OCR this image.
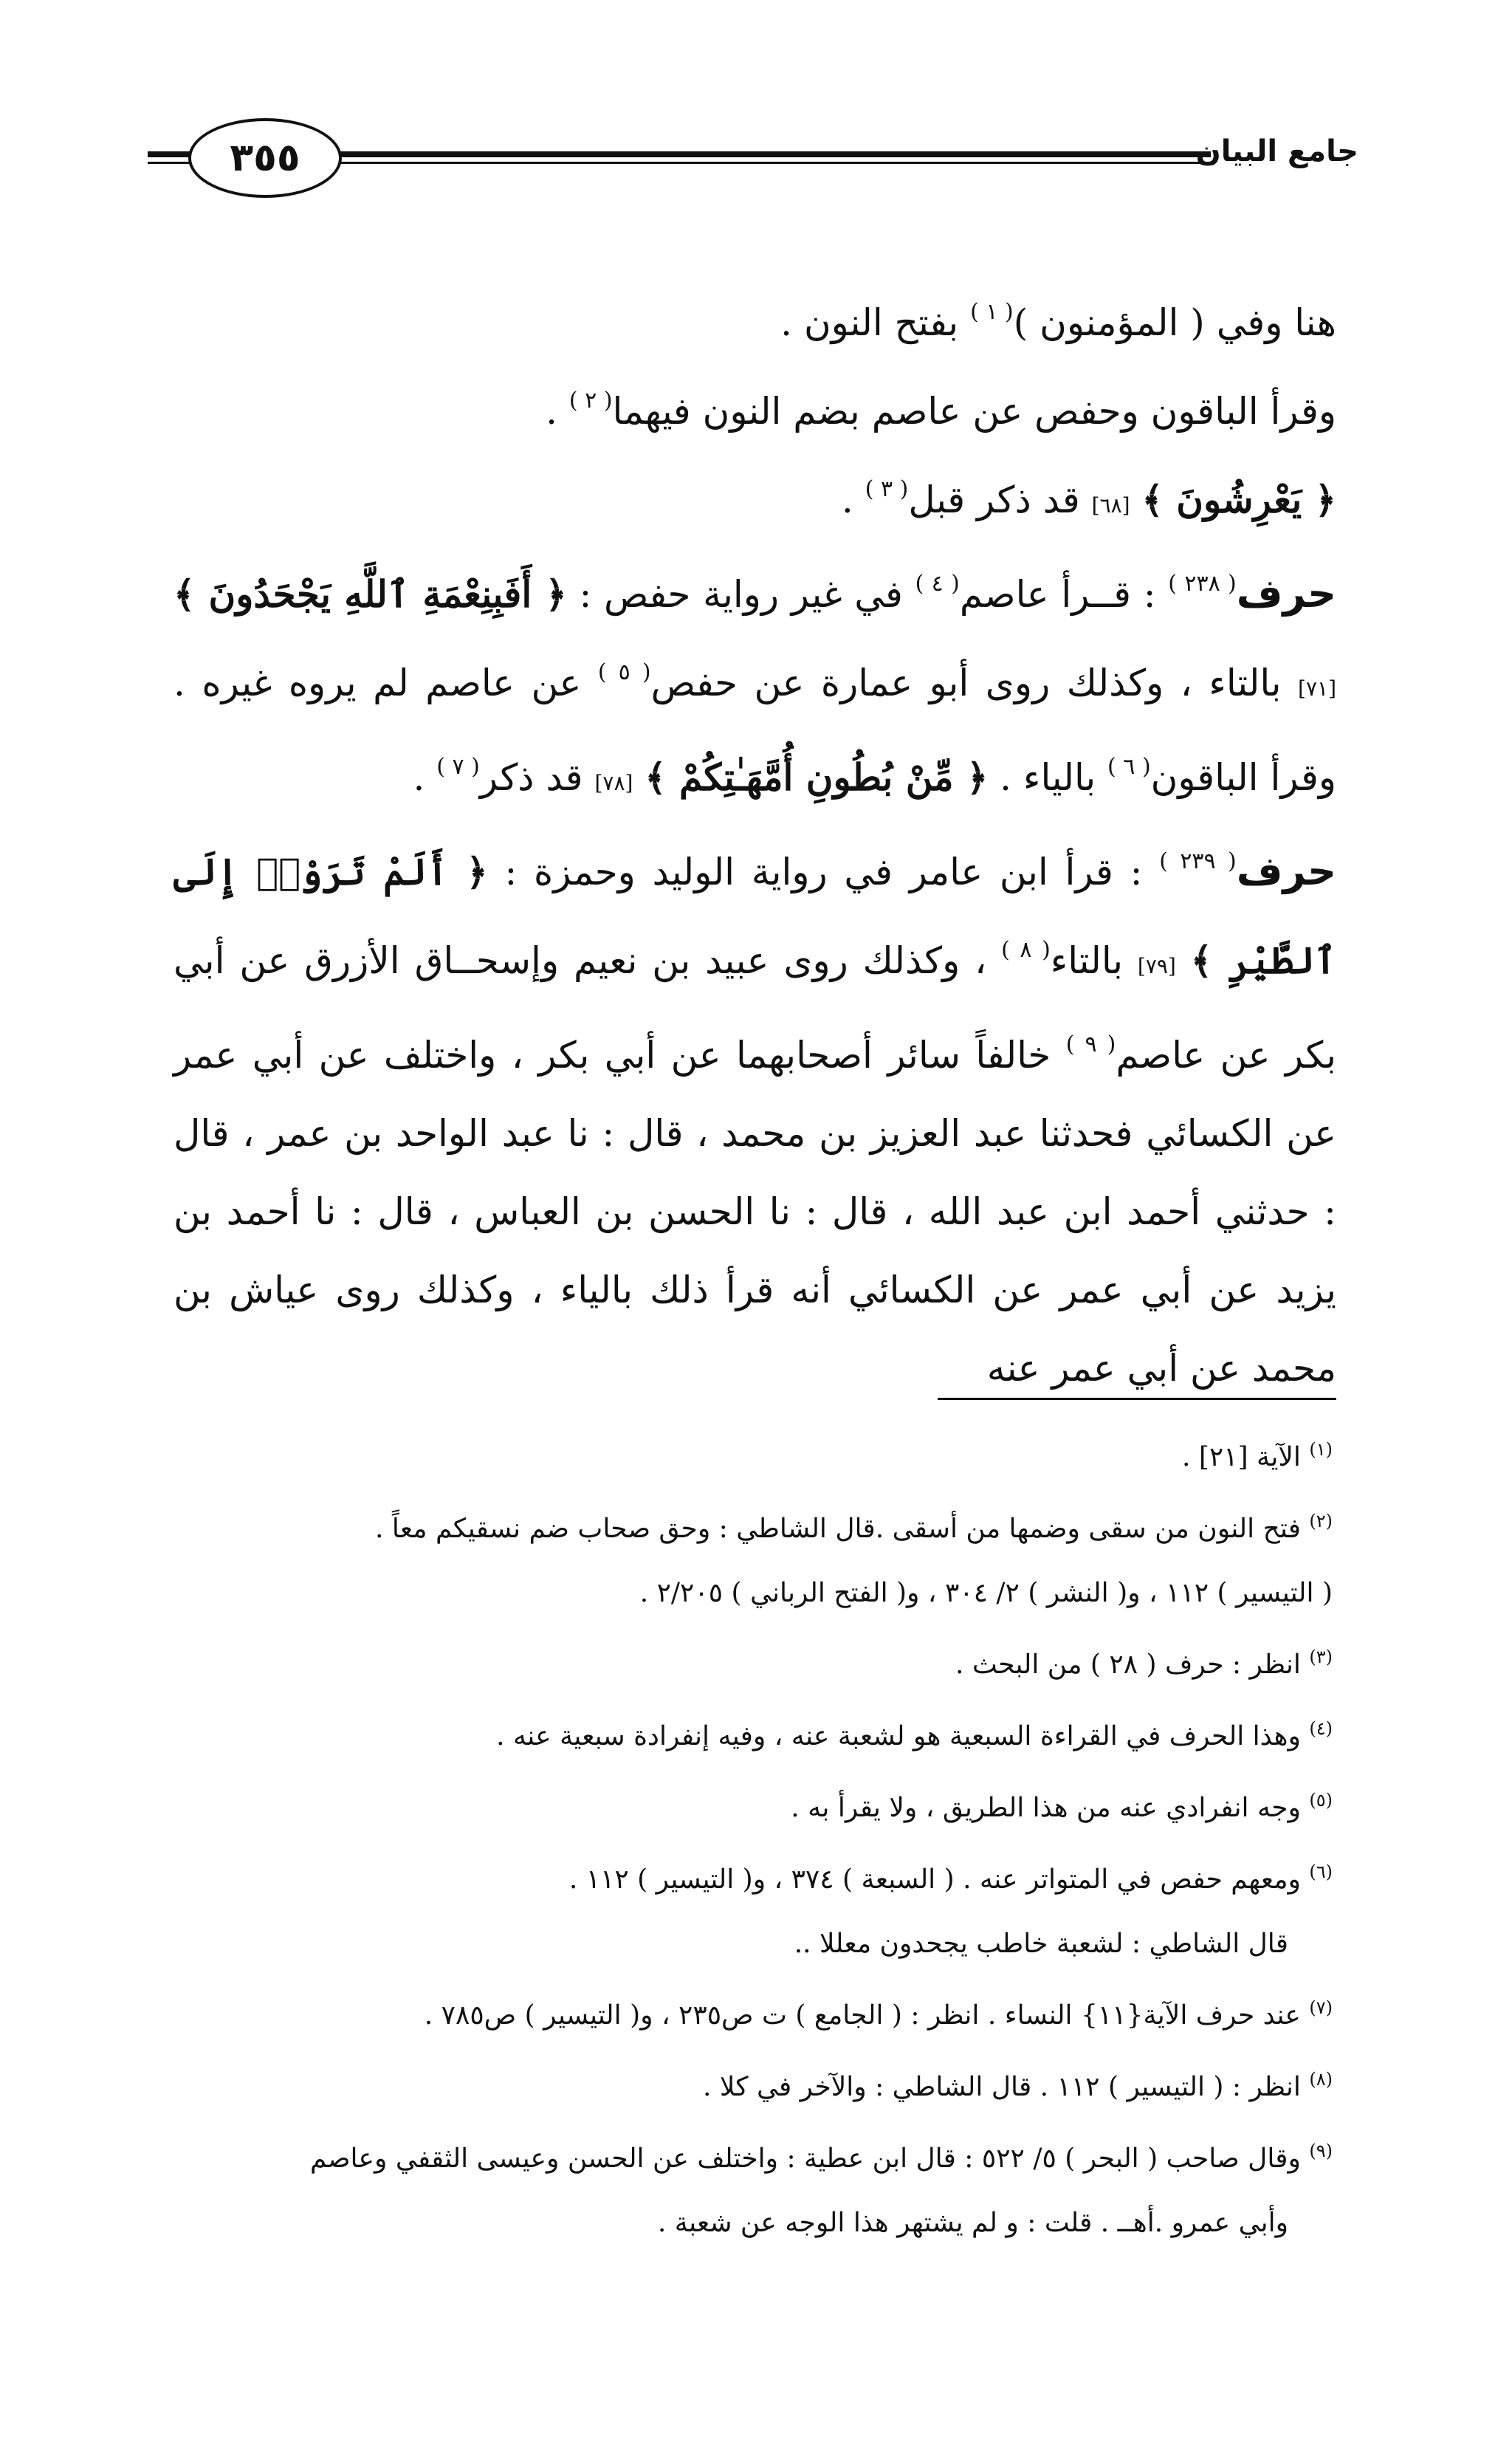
٣٥٥	جامع البيان

هنا وفي ( المؤمنون )$^{( ١ )}$ بفتح النون .

وقرأ الباقون وحفص عن عاصم بضم النون فيهما$^{( ٢ )}$ .

﴿ يَعْرِشُونَ ﴾ [٦٨] قد ذكر قبل$^{( ٣ )}$ .

حرف$^{( ٢٣٨ )}$ : قــرأ عاصم$^{( ٤ )}$ في غير رواية حفص : ﴿ أَفَبِنِعْمَةِ ٱللَّهِ يَجْحَدُونَ ﴾ [٧١] بالتاء ، وكذلك روى أبو عمارة عن حفص$^{( ٥ )}$ عن عاصم لم يروه غيره . وقرأ الباقون$^{( ٦ )}$ بالياء . ﴿ مِّنْ بُطُونِ أُمَّهَـٰتِكُمْ ﴾ [٧٨] قد ذكر$^{( ٧ )}$ .

حرف$^{( ٢٣٩ )}$ : قرأ ابن عامر في رواية الوليد وحمزة : ﴿ أَلَمْ تَرَوْا۟ إِلَى ٱلطَّيْرِ ﴾ [٧٩] بالتاء$^{( ٨ )}$ ، وكذلك روى عبيد بن نعيم وإسحــاق الأزرق عن أبي بكر عن عاصم$^{( ٩ )}$ خالفاً سائر أصحابهما عن أبي بكر ، واختلف عن أبي عمر عن الكسائي فحدثنا عبد العزيز بن محمد ، قال : نا عبد الواحد بن عمر ، قال : حدثني أحمد ابن عبد الله ، قال : نا الحسن بن العباس ، قال : نا أحمد بن يزيد عن أبي عمر عن الكسائي أنه قرأ ذلك بالياء ، وكذلك روى عياش بن محمد عن أبي عمر عنه

$^{(١)}$ الآية [٢١] .

$^{(٢)}$ فتح النون من سقى وضمها من أسقى .قال الشاطي : وحق صحاب ضم نسقيكم معاً .

( التيسير ) ١١٢ ، و( النشر ) ٢/ ٣٠٤ ، و( الفتح الرباني ) ٢/٢٠٥ .

$^{(٣)}$ انظر : حرف ( ٢٨ ) من البحث .

$^{(٤)}$ وهذا الحرف في القراءة السبعية هو لشعبة عنه ، وفيه إنفرادة سبعية عنه .

$^{(٥)}$ وجه انفرادي عنه من هذا الطريق ، ولا يقرأ به .

$^{(٦)}$ ومعهم حفص في المتواتر عنه . ( السبعة ) ٣٧٤ ، و( التيسير ) ١١٢ .

قال الشاطي : لشعبة خاطب يجحدون معللا ..

$^{(٧)}$ عند حرف الآية{١١} النساء . انظر : ( الجامع ) ت ص٢٣٥ ، و( التيسير ) ص٧٨٥ .

$^{(٨)}$ انظر : ( التيسير ) ١١٢ . قال الشاطي : والآخر في كلا .

$^{(٩)}$ وقال صاحب ( البحر ) ٥/ ٥٢٢ : قال ابن عطية : واختلف عن الحسن وعيسى الثقفي وعاصم

وأبي عمرو .أهــ . قلت : و لم يشتهر هذا الوجه عن شعبة .
